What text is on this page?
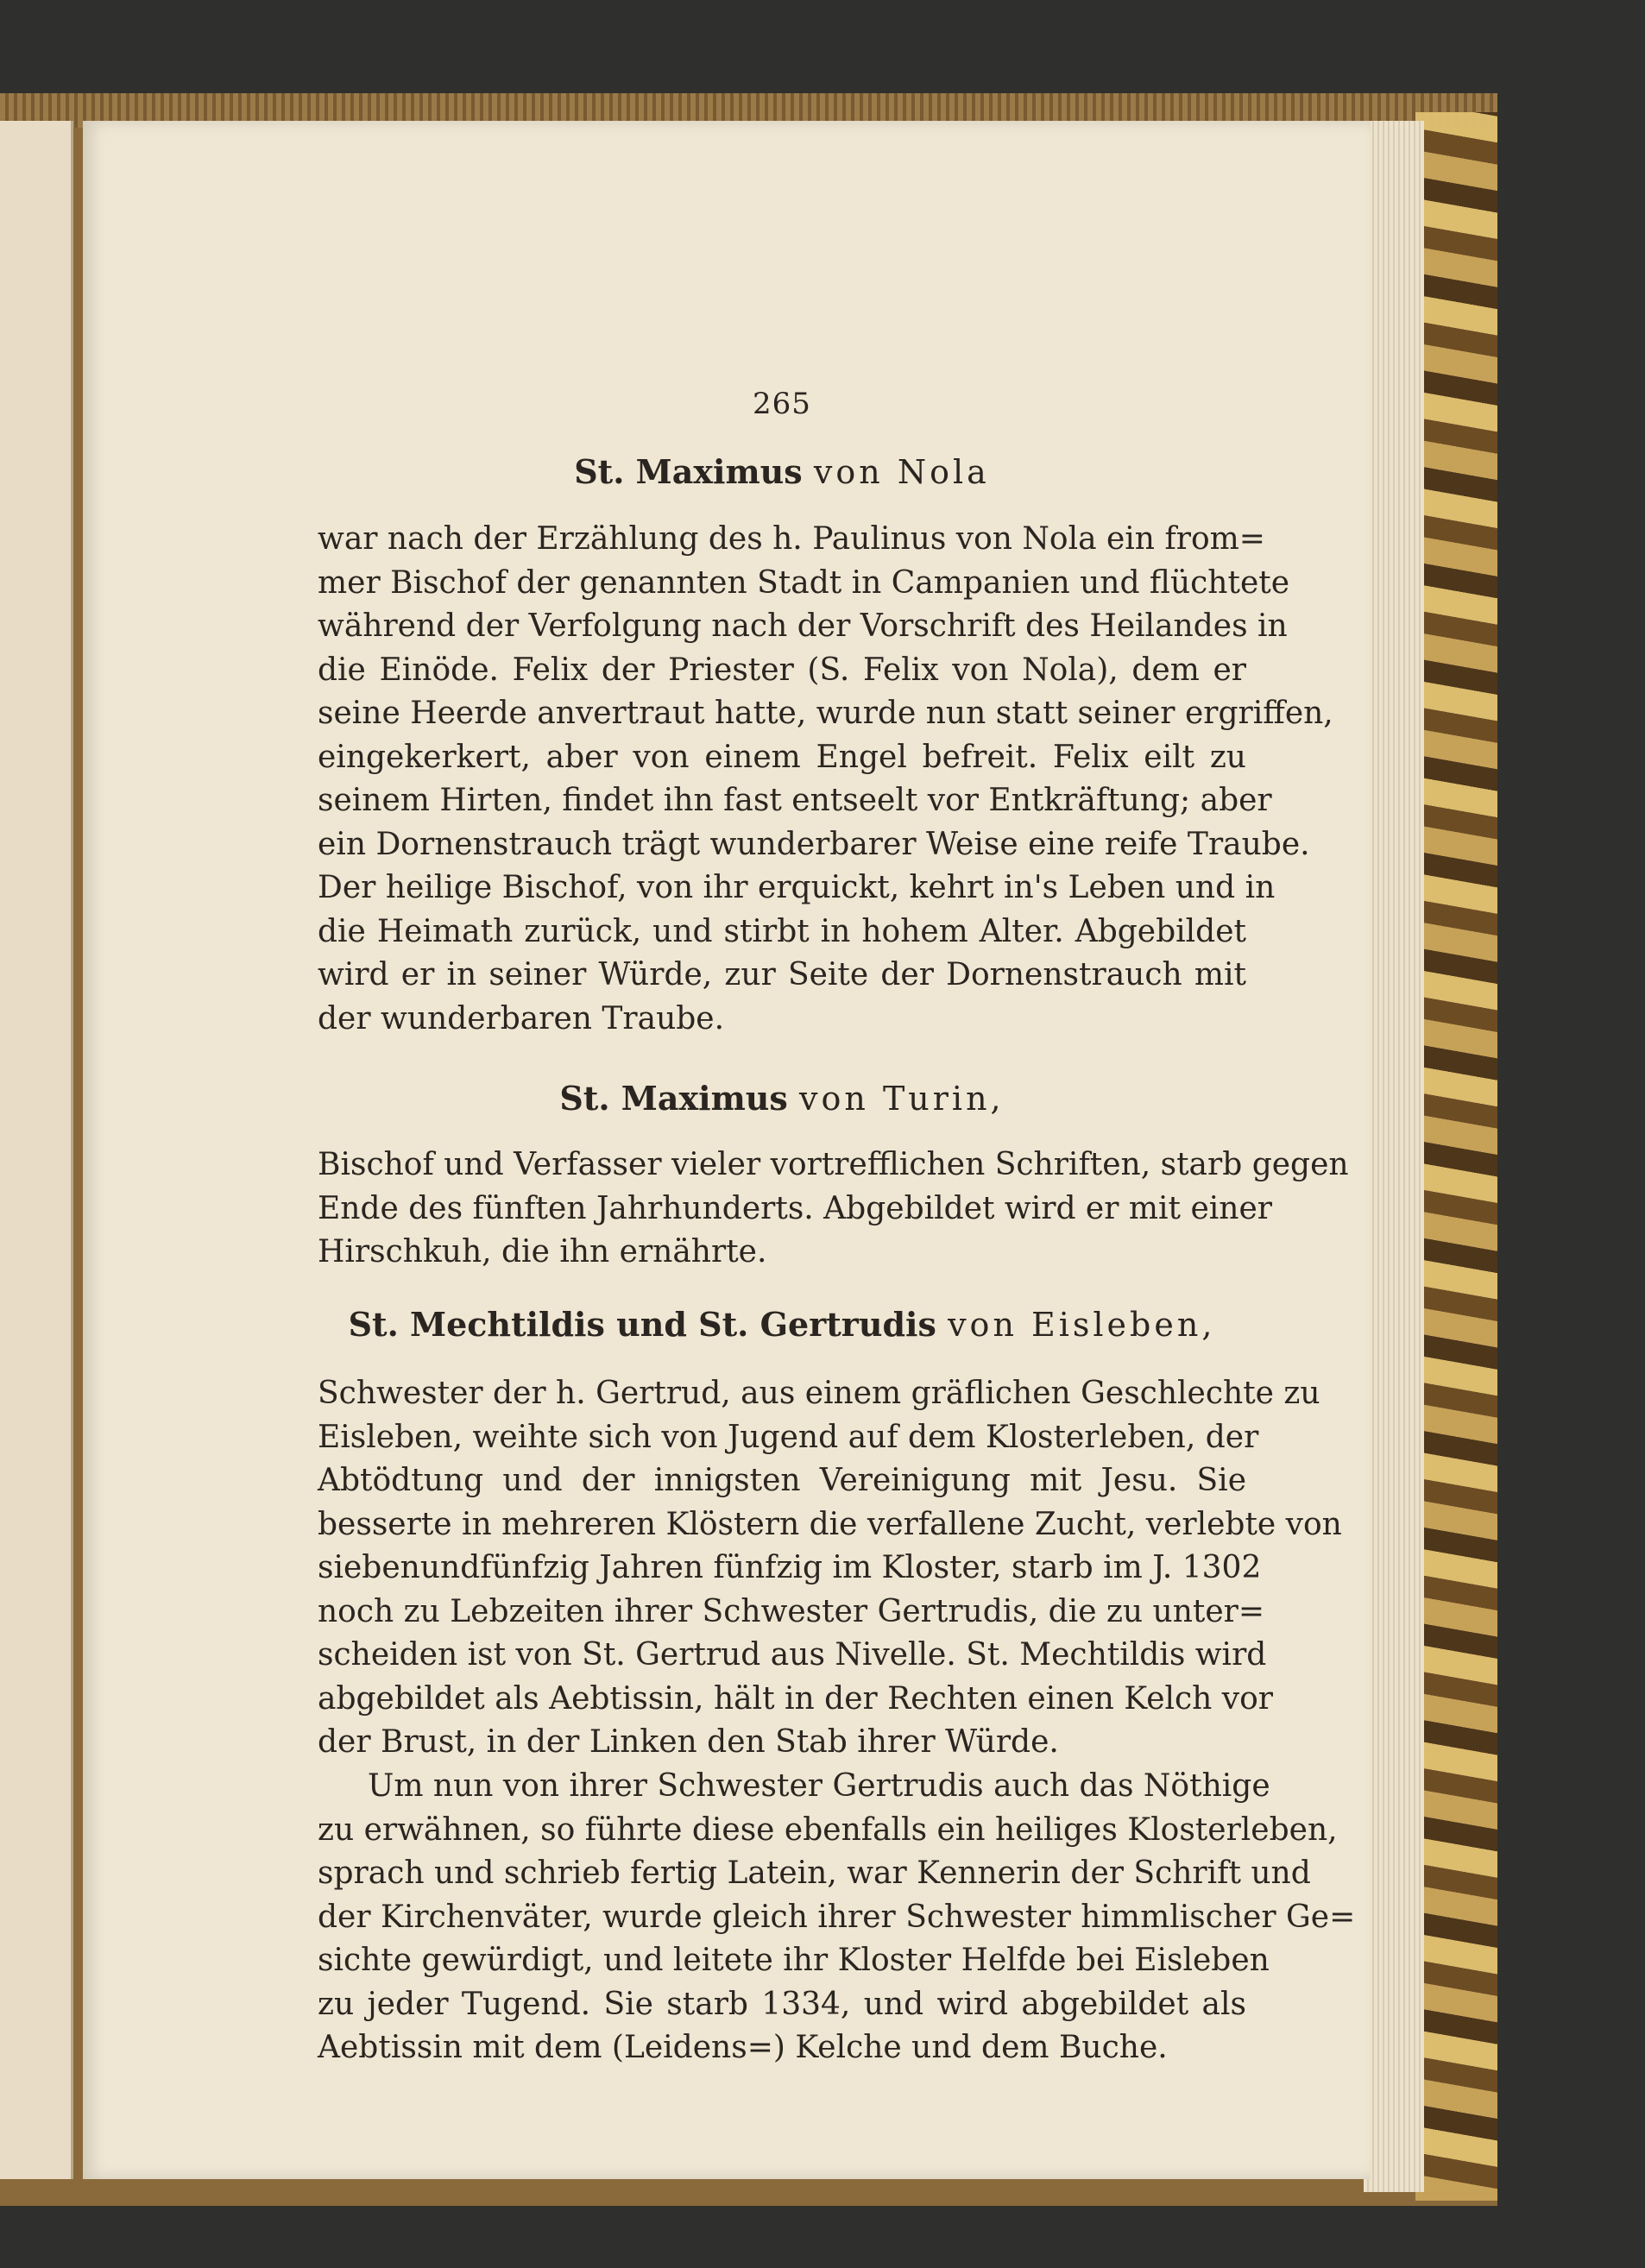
265
St. Maximus von Nola
war nach der Erzählung des h. Paulinus von Nola ein from=
mer Bischof der genannten Stadt in Campanien und flüchtete
während der Verfolgung nach der Vorschrift des Heilandes in
die Einöde. Felix der Priester (S. Felix von Nola), dem er
seine Heerde anvertraut hatte, wurde nun statt seiner ergriffen,
eingekerkert, aber von einem Engel befreit. Felix eilt zu
seinem Hirten, findet ihn fast entseelt vor Entkräftung; aber
ein Dornenstrauch trägt wunderbarer Weise eine reife Traube.
Der heilige Bischof, von ihr erquickt, kehrt in's Leben und in
die Heimath zurück, und stirbt in hohem Alter. Abgebildet
wird er in seiner Würde, zur Seite der Dornenstrauch mit
der wunderbaren Traube.
St. Maximus von Turin,
Bischof und Verfasser vieler vortrefflichen Schriften, starb gegen
Ende des fünften Jahrhunderts. Abgebildet wird er mit einer
Hirschkuh, die ihn ernährte.
St. Mechtildis und St. Gertrudis von Eisleben,
Schwester der h. Gertrud, aus einem gräflichen Geschlechte zu
Eisleben, weihte sich von Jugend auf dem Klosterleben, der
Abtödtung und der innigsten Vereinigung mit Jesu. Sie
besserte in mehreren Klöstern die verfallene Zucht, verlebte von
siebenundfünfzig Jahren fünfzig im Kloster, starb im J. 1302
noch zu Lebzeiten ihrer Schwester Gertrudis, die zu unter=
scheiden ist von St. Gertrud aus Nivelle. St. Mechtildis wird
abgebildet als Aebtissin, hält in der Rechten einen Kelch vor
der Brust, in der Linken den Stab ihrer Würde.
Um nun von ihrer Schwester Gertrudis auch das Nöthige
zu erwähnen, so führte diese ebenfalls ein heiliges Klosterleben,
sprach und schrieb fertig Latein, war Kennerin der Schrift und
der Kirchenväter, wurde gleich ihrer Schwester himmlischer Ge=
sichte gewürdigt, und leitete ihr Kloster Helfde bei Eisleben
zu jeder Tugend. Sie starb 1334, und wird abgebildet als
Aebtissin mit dem (Leidens=) Kelche und dem Buche.
